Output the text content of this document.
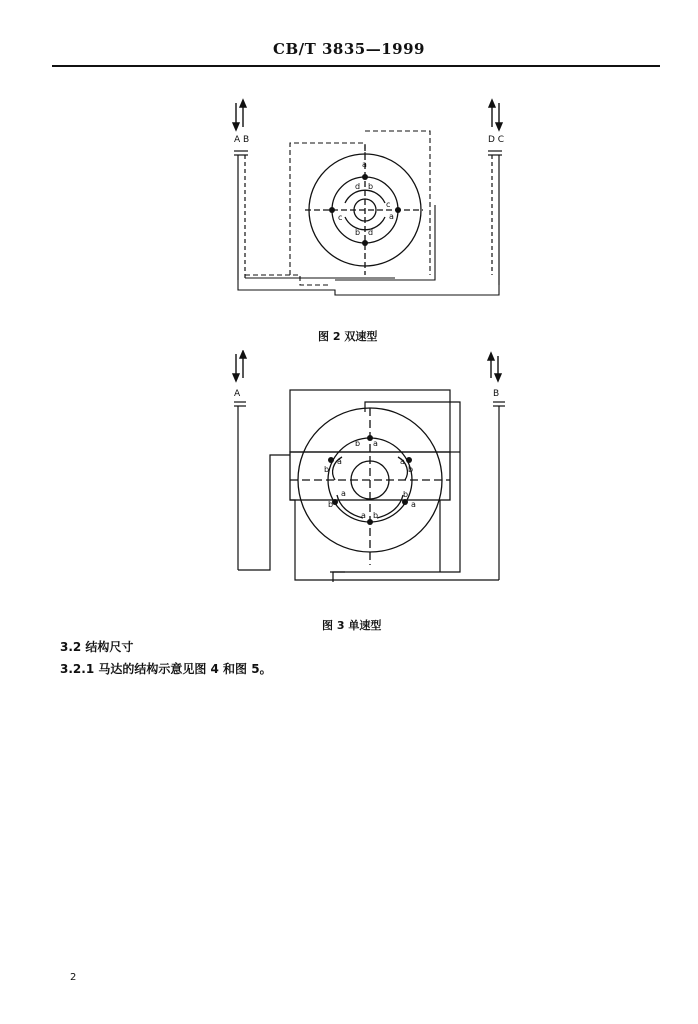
CB/T 3835—1999
A B	D C
d b
c
c
b d
a
a
图 2 双速型
A	B
b a
b
a
b
a
a
b
b
a
a b
图 3 单速型
3.2 结构尺寸
3.2.1 马达的结构示意见图 4 和图 5。
2
